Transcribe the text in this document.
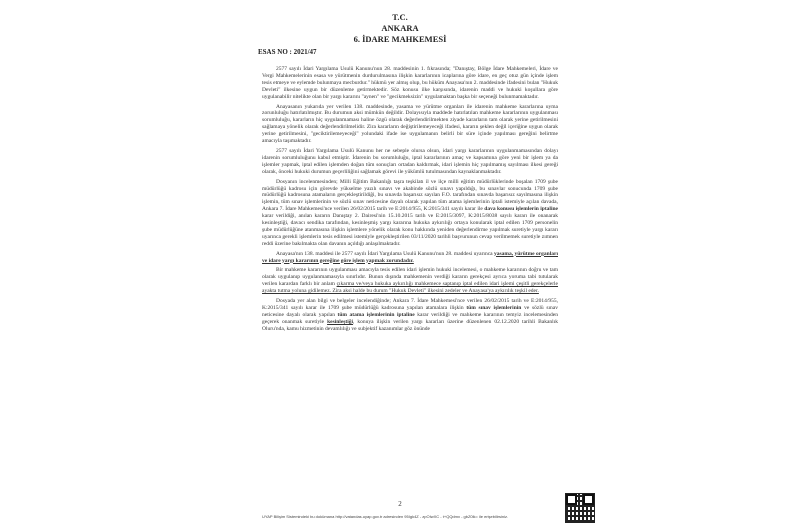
T.C.
ANKARA
6. İDARE MAHKEMESİ
ESAS NO : 2021/47

2577 sayılı İdari Yargılama Usulü Kanunu'nun 28. maddesinin 1. fıkrasında; "Danıştay, Bölge İdare Mahkemeleri, İdare ve Vergi Mahkemelerinin esasa ve yürütmenin durdurulmasına ilişkin kararlarının icaplarına göre idare, en geç otuz gün içinde işlem tesis etmeye ve eylemde bulunmaya mecburdur." hükmü yer almış olup, bu hüküm Anayasa'nın 2. maddesinde ifadesini bulan "Hukuk Devleti" ilkesine uygun bir düzenleme getirmektedir. Söz konusu ilke karşısında, idarenin maddi ve hukuki koşullara göre uygulanabilir nitelikte olan bir yargı kararını "aynen" ve "gecikmeksizin" uygulamaktan başka bir seçeneği bulunmamaktadır.

Anayasanın yukarıda yer verilen 138. maddesinde, yasama ve yürütme organları ile idarenin mahkeme kararlarına uyma zorunluluğu hatırlatılmıştır. Bu durumun aksi mümkün değildir. Dolayısıyla maddede hatırlatılan mahkeme kararlarının uygulanması sorumluluğu, kararların hiç uygulanmaması haline özgü olarak değerlendirilmekten ziyade kararların tam olarak yerine getirilmesini sağlamaya yönelik olarak değerlendirilmelidir. Zira kararların değiştirilemeyeceği ifadesi, kararın şeklen değil içeriğine uygun olarak yerine getirilmesini, "geciktirilemeyeceği" yolundaki ifade ise uygulamanın belirli bir süre içinde yapılması gereğini belirtme amacıyla taşımaktadır.

2577 sayılı İdari Yargılama Usulü Kanunu her ne sebeple olursa olsun, idari yargı kararlarının uygulanmamasından dolayı idarenin sorumluluğunu kabul etmiştir. İdarenin bu sorumluluğu, iptal kararlarının amaç ve kapsamına göre yeni bir işlem ya da işlemler yapmak, iptal edilen işlemden doğan tüm sonuçları ortadan kaldırmak, idari işlemin hiç yapılmamış sayılması ilkesi gereği olarak, önceki hukuki durumun geçerliliğini sağlamak görevi ile yükümlü tutulmasından kaynaklanmaktadır.

Dosyanın incelenmesinden; Milli Eğitim Bakanlığı taşra teşkilatı il ve ilçe milli eğitim müdürlüklerinde boşalan 1709 şube müdürlüğü kadrosu için görevde yükselme yazılı sınavı ve akabinde sözlü sınavı yapıldığı, bu sınavlar sonucunda 1709 şube müdürlüğü kadrosuna atamaların gerçekleştirildiği, bu sınavda başarısız sayılan F.O. tarafından sınavda başarısız sayılmasına ilişkin işlemin, tüm sınav işlemlerinin ve sözlü sınav neticesine dayalı olarak yapılan tüm atama işlemlerinin iptali istemiyle açılan davada, Ankara 7. İdare Mahkemesi'nce verilen 26/02/2015 tarih ve E:2014/955, K:2015/341 sayılı karar ile dava konusu işlemlerin iptaline karar verildiği, anılan kararın Danıştay 2. Dairesi'nin 15.10.2015 tarih ve E:2015/3097, K:2015/8038 sayılı kararı ile onanarak kesinleştiği, davacı sendika tarafından, kesinleşmiş yargı kararına hukuka aykırılığı ortaya konularak iptal edilen 1709 personelin şube müdürlüğüne atanmasına ilişkin işlemlere yönelik olarak konu hakkında yeniden değerlendirme yapılmak suretiyle yargı kararı uyarınca gerekli işlemlerin tesis edilmesi istemiyle gerçekleştirilen 03/11/2020 tarihli başvurunun cevap verilmemek suretiyle zımnen reddi üzerine bakılmakta olan davanın açıldığı anlaşılmaktadır.

Anayasa'nın 138. maddesi ile 2577 sayılı İdari Yargılama Usulü Kanunu'nun 28. maddesi uyarınca yasama, yürütme organları ve idare yargı kararının gereğine göre işlem yapmak zorundadır.

Bir mahkeme kararının uygulanması amacıyla tesis edilen idari işlemin hukuki incelemesi, o mahkeme kararının doğru ve tam olarak uygulanıp uygulanmamasıyla sınırlıdır. Bunun dışında mahkemenin verdiği kararın gerekçesi ayrıca yoruma tabi tutularak verilen karardan farklı bir anlam çıkarma ve/veya hukuka aykırılığı mahkemece saptanıp iptal edilen idari işlemi çeşitli gerekçelerle ayakta tutma yoluna gidilemez. Zira aksi halde bu durum "Hukuk Devleti" ilkesini zedeler ve Anayasa'ya aykırılık teşkil eder.

Dosyada yer alan bilgi ve belgeler incelendiğinde; Ankara 7. İdare Mahkemesi'nce verilen 26/02/2015 tarih ve E:2014/955, K:2015/341 sayılı karar ile 1709 şube müdürlüğü kadrosuna yapılan atamalara ilişkin tüm sınav işlemlerinin ve sözlü sınav neticesine dayalı olarak yapılan tüm atama işlemlerinin iptaline karar verildiği ve mahkeme kararının temyiz incelemesinden geçerek onanmak suretiyle kesinleştiği, konuya ilişkin verilen yargı kararları üzerine düzenlenen 02.12.2020 tarihli Bakanlık Oluru'nda, kamu hizmetinin devamlılığı ve subjektif kazanımlar göz önünde

2
UYAP Bilişim Sistemindeki bu dokümana http://vatandas.uyap.gov.tr adresinden 95Igk4Z - zpOIwXC - t+QQdmx - gbZ0lk= ile erişebilirsiniz.
